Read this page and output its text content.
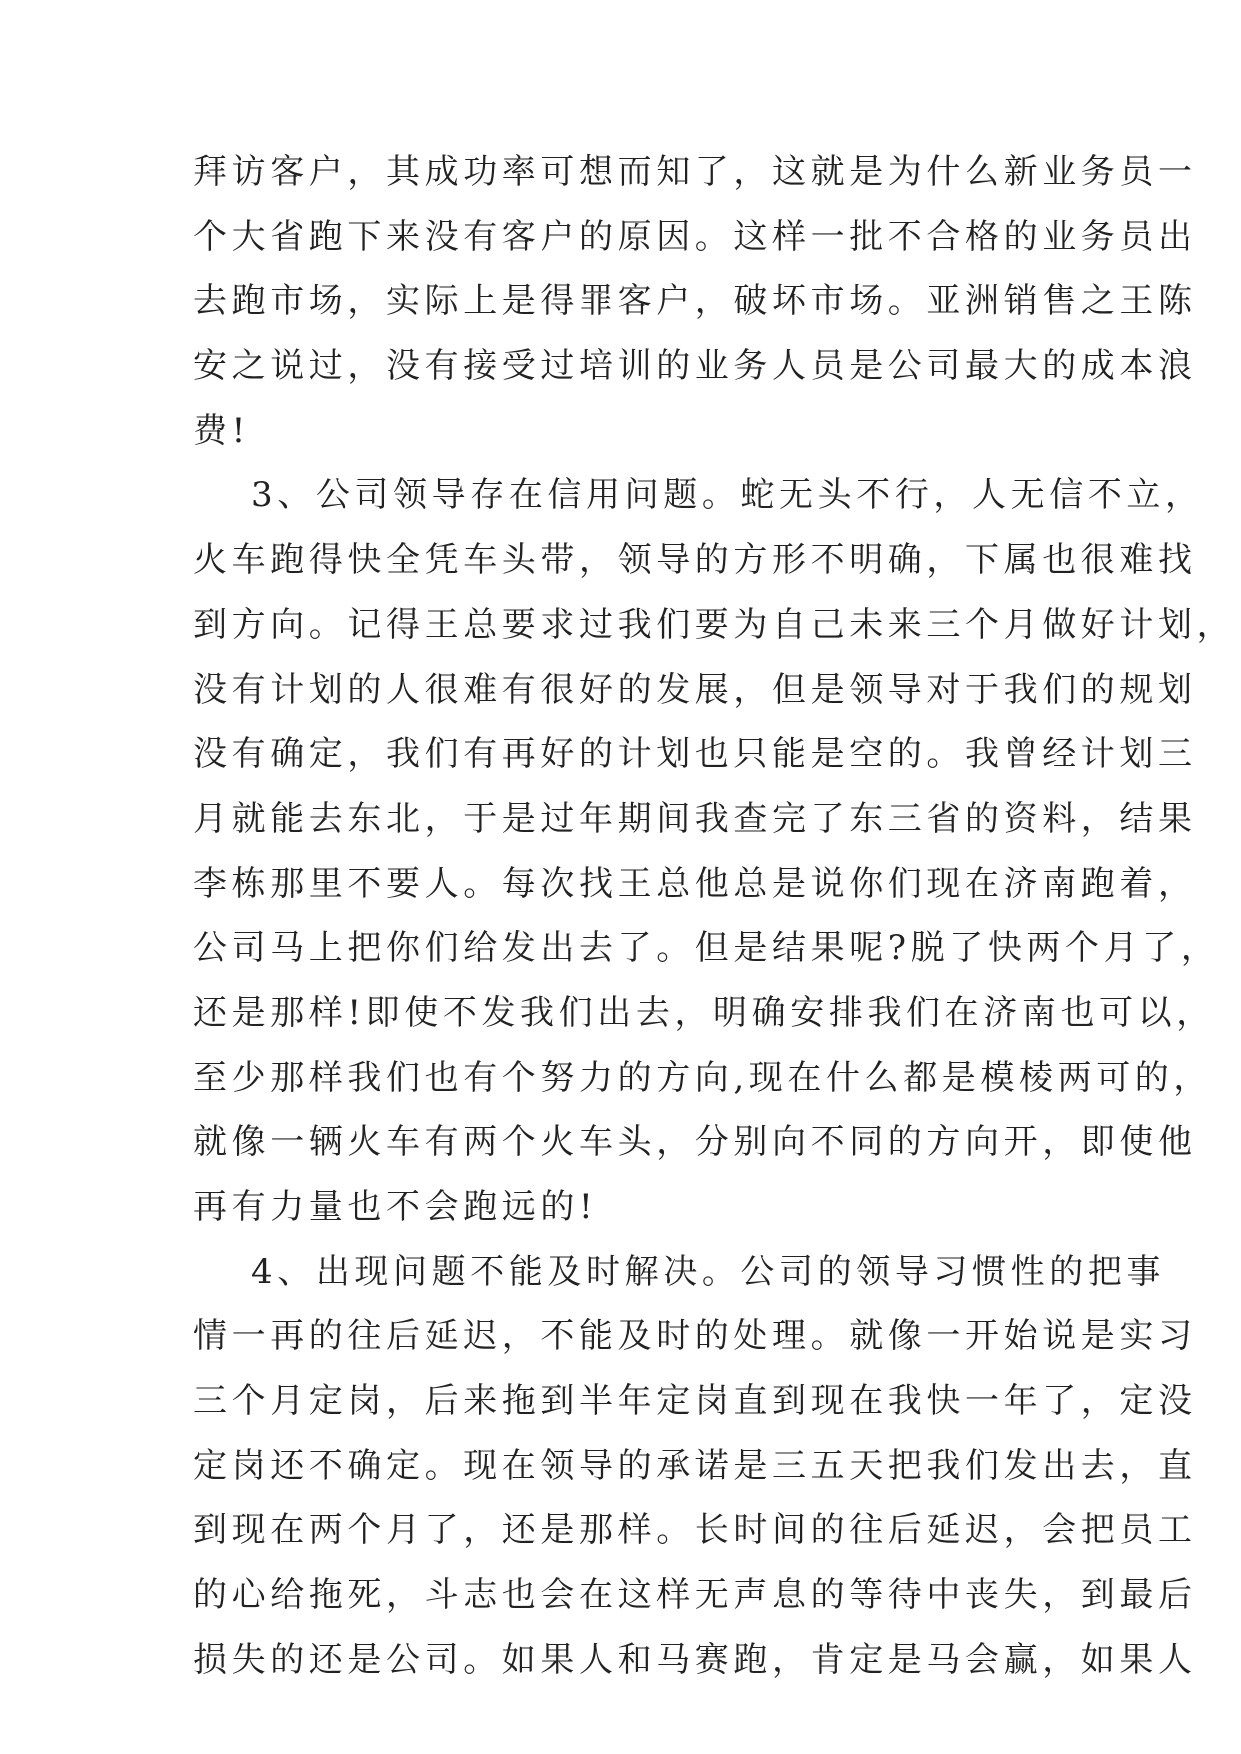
拜访客户，其成功率可想而知了，这就是为什么新业务员一
个大省跑下来没有客户的原因。这样一批不合格的业务员出
去跑市场，实际上是得罪客户，破坏市场。亚洲销售之王陈
安之说过，没有接受过培训的业务人员是公司最大的成本浪
费!
3、公司领导存在信用问题。蛇无头不行，人无信不立，
火车跑得快全凭车头带，领导的方形不明确，下属也很难找
到方向。记得王总要求过我们要为自己未来三个月做好计划，
没有计划的人很难有很好的发展，但是领导对于我们的规划
没有确定，我们有再好的计划也只能是空的。我曾经计划三
月就能去东北，于是过年期间我查完了东三省的资料，结果
李栋那里不要人。每次找王总他总是说你们现在济南跑着，
公司马上把你们给发出去了。但是结果呢?脱了快两个月了，
还是那样!即使不发我们出去，明确安排我们在济南也可以，
至少那样我们也有个努力的方向,现在什么都是模棱两可的，
就像一辆火车有两个火车头，分别向不同的方向开，即使他
再有力量也不会跑远的!
4、出现问题不能及时解决。公司的领导习惯性的把事
情一再的往后延迟，不能及时的处理。就像一开始说是实习
三个月定岗，后来拖到半年定岗直到现在我快一年了，定没
定岗还不确定。现在领导的承诺是三五天把我们发出去，直
到现在两个月了，还是那样。长时间的往后延迟，会把员工
的心给拖死，斗志也会在这样无声息的等待中丧失，到最后
损失的还是公司。如果人和马赛跑，肯定是马会赢，如果人
